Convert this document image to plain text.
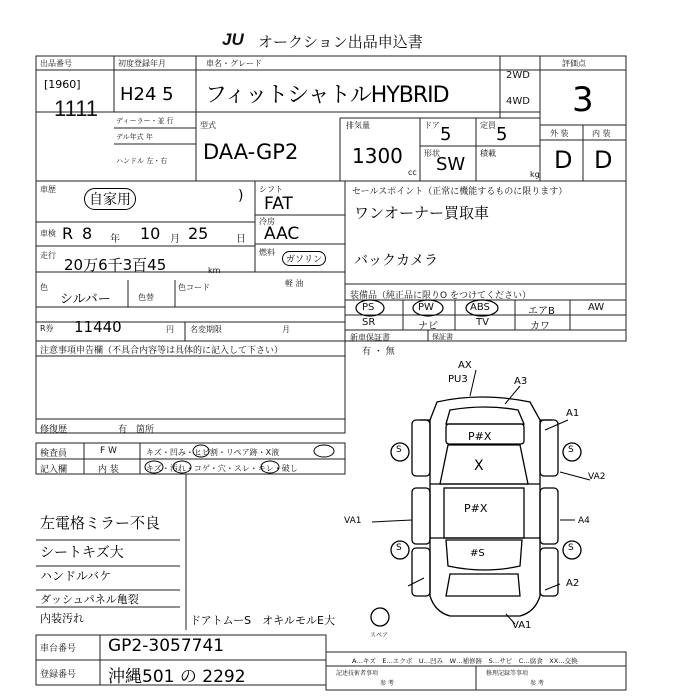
JU オークション出品申込書
出品番号
[1960]
1111
初度登録年月
H24 5
車名・グレード
フィットシャトルHYBRID
2WD
4WD
評価点
3
ディーラー・並 行
デル年式 年
ハンドル 左・右
型式
DAA-GP2
排気量
1300
cc
ドア 5	定員 5
形状
SW
積載
kg
外 装	内 装
D D
車歴
自家用	)
車検 R 8 年 10 月 25	日
走行
20万6千3百45	km
シフト
FAT
冷房
AAC
燃料
ガソリン
軽 油
色
シルバー	色替
色コード
R券 11440	円 名変期限	月
セールスポイント（正常に機能するものに限ります）
ワンオーナー買取車
バックカメラ
装備品（純正品に限りO をつけてください）
PS	PW	ABS	エアB	AW
SR	ナビ	TV	カワ
新車保証書
有 ・ 無
保証書
注意事項申告欄（不具合内容等は具体的に記入して下さい）
修復歴	有 箇所
検査員	F W	キズ・凹み・ヒビ割・リペア跡・X液
記入欄	内 装	キズ・汚れ・コゲ・穴・スレ・キレ・破し
左電格ミラー不良
シートキズ大
ハンドルバケ
ダッシュパネル亀裂
内装汚れ	ドアトムーS　オキルモルE大
AX
PU3	A3
A1
P#X
X
VA2
VA1
P#X
A2
VA1
A4
S	S
S	S
#S
スペア
車台番号 GP2-3057741
登録番号 沖縄501 の 2292
A…キズ　E…エクボ　U…凹み　W…補修跡　S…サビ　C…腐食　XX…交換
記述技術者事項
参 考
修理記録等事項
参 考
